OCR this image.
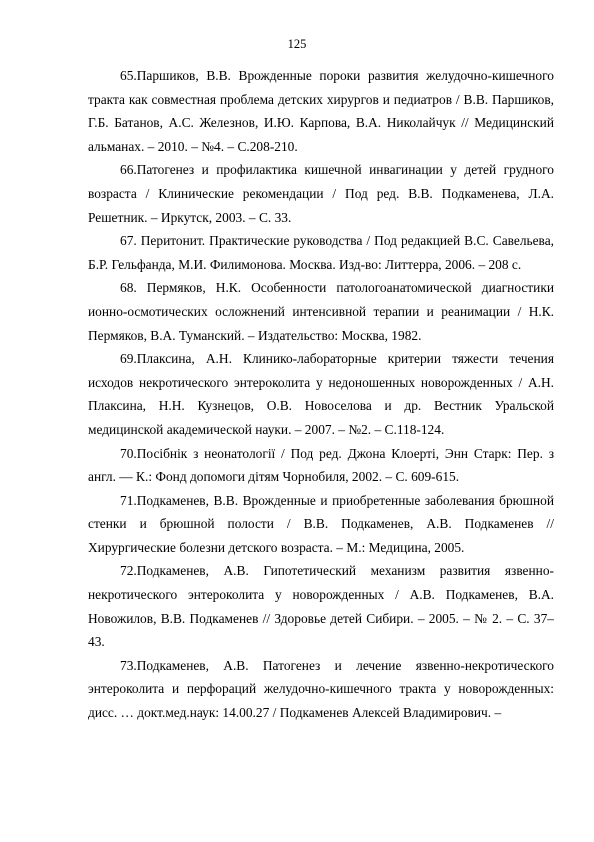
125

65.Паршиков, В.В. Врожденные пороки развития желудочно-кишечного тракта как совместная проблема детских хирургов и педиатров / В.В. Паршиков, Г.Б. Батанов, А.С. Железнов, И.Ю. Карпова, В.А. Николайчук // Медицинский альманах. – 2010. – №4. – С.208-210.

66.Патогенез и профилактика кишечной инвагинации у детей грудного возраста / Клинические рекомендации / Под ред. В.В. Подкаменева, Л.А. Решетник. – Иркутск, 2003. – С. 33.

67. Перитонит. Практические руководства / Под редакцией В.С. Савельева, Б.Р. Гельфанда, М.И. Филимонова. Москва. Изд-во: Литтерра, 2006. – 208 с.

68. Пермяков, Н.К. Особенности патологоанатомической диагностики ионно-осмотических осложнений интенсивной терапии и реанимации / Н.К. Пермяков, В.А. Туманский. – Издательство: Москва, 1982.

69.Плаксина, А.Н. Клинико-лабораторные критерии тяжести течения исходов некротического энтероколита у недоношенных новорожденных / А.Н. Плаксина, Н.Н. Кузнецов, О.В. Новоселова и др. Вестник Уральской медицинской академической науки. – 2007. – №2. – С.118-124.

70.Посібнік з неонатології / Под ред. Джона Клоерті, Энн Старк: Пер. з англ. — К.: Фонд допомоги дітям Чорнобиля, 2002. – С. 609-615.

71.Подкаменев, В.В. Врожденные и приобретенные заболевания брюшной стенки и брюшной полости / В.В. Подкаменев, А.В. Подкаменев // Хирургические болезни детского возраста. – М.: Медицина, 2005.

72.Подкаменев, А.В. Гипотетический механизм развития язвенно-некротического энтероколита у новорожденных / А.В. Подкаменев, В.А. Новожилов, В.В. Подкаменев // Здоровье детей Сибири. – 2005. – № 2. – С. 37–43.

73.Подкаменев, А.В. Патогенез и лечение язвенно-некротического энтероколита и перфораций желудочно-кишечного тракта у новорожденных: дисс. … докт.мед.наук: 14.00.27 / Подкаменев Алексей Владимирович. –
